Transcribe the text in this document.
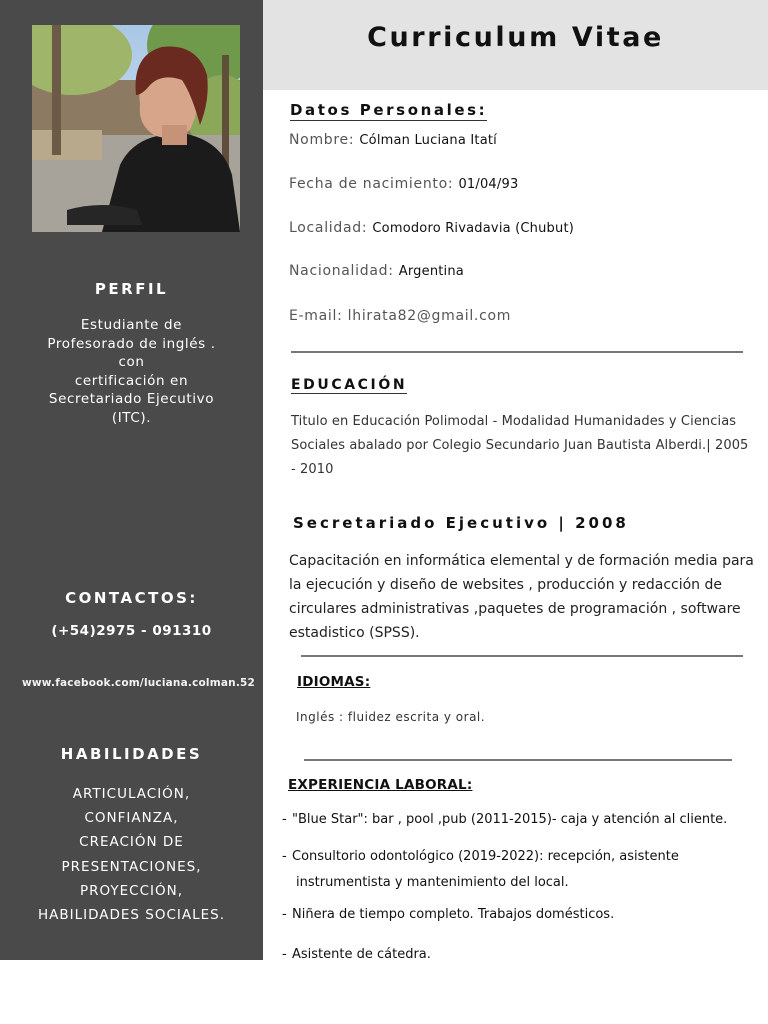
PERFIL
Estudiante de
Profesorado de inglés .
con
certificación en
Secretariado Ejecutivo
(ITC).
CONTACTOS:
(+54)2975 - 091310
www.facebook.com/luciana.colman.52
HABILIDADES
ARTICULACIÓN,
CONFIANZA,
CREACIÓN DE
PRESENTACIONES,
PROYECCIÓN,
HABILIDADES SOCIALES.
Curriculum Vitae
Datos Personales:
Nombre: Cólman Luciana Itatí
Fecha de nacimiento: 01/04/93
Localidad: Comodoro Rivadavia (Chubut)
Nacionalidad: Argentina
E-mail: lhirata82@gmail.com
EDUCACIÓN
Titulo en Educación Polimodal - Modalidad Humanidades y Ciencias Sociales abalado por Colegio Secundario Juan Bautista Alberdi.| 2005 - 2010
Secretariado Ejecutivo | 2008
Capacitación en informática elemental y de formación media para la ejecución y diseño de websites , producción y redacción de circulares administrativas ,paquetes de programación , software estadistico (SPSS).
IDIOMAS:
Inglés : fluidez escrita y oral.
EXPERIENCIA LABORAL:
- "Blue Star": bar , pool ,pub (2011-2015)- caja y atención al cliente.
- Consultorio odontológico (2019-2022): recepción, asistente
instrumentista y mantenimiento del local.
- Niñera de tiempo completo. Trabajos domésticos.
- Asistente de cátedra.
